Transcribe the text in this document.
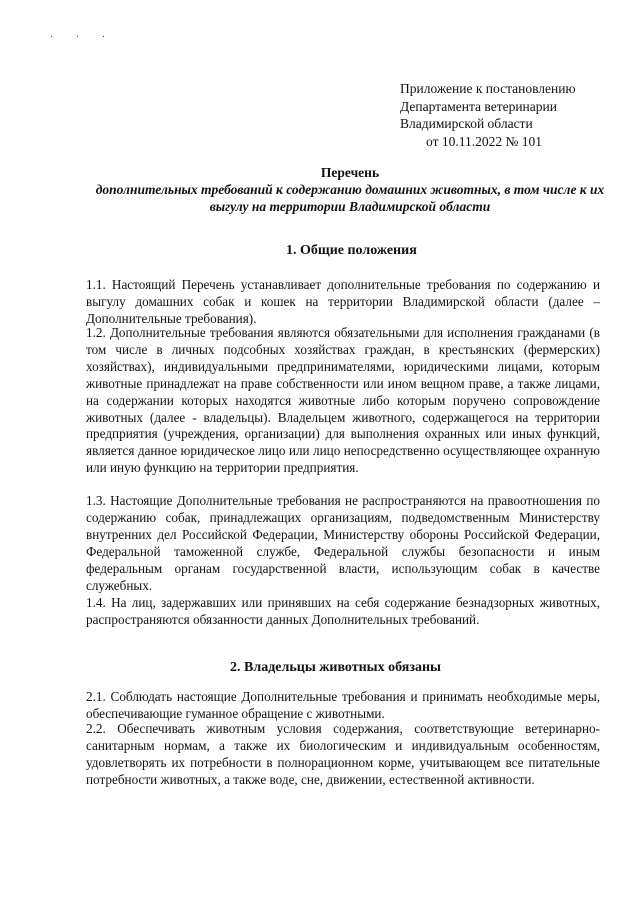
· · ·
Приложение к постановлению
Департамента ветеринарии
Владимирской области
от 10.11.2022 № 101
Перечень
дополнительных требований к содержанию домашних животных, в том числе к их выгулу на территории Владимирской области
1. Общие положения

1.1. Настоящий Перечень устанавливает дополнительные требования по содержанию и выгулу домашних собак и кошек на территории Владимирской области (далее – Дополнительные требования).

1.2. Дополнительные требования являются обязательными для исполнения гражданами (в том числе в личных подсобных хозяйствах граждан, в крестьянских (фермерских) хозяйствах), индивидуальными предпринимателями, юридическими лицами, которым животные принадлежат на праве собственности или ином вещном праве, а также лицами, на содержании которых находятся животные либо которым поручено сопровождение животных (далее - владельцы). Владельцем животного, содержащегося на территории предприятия (учреждения, организации) для выполнения охранных или иных функций, является данное юридическое лицо или лицо непосредственно осуществляющее охранную или иную функцию на территории предприятия.

1.3. Настоящие Дополнительные требования не распространяются на правоотношения по содержанию собак, принадлежащих организациям, подведомственным Министерству внутренних дел Российской Федерации, Министерству обороны Российской Федерации, Федеральной таможенной службе, Федеральной службы безопасности и иным федеральным органам государственной власти, использующим собак в качестве служебных.

1.4. На лиц, задержавших или принявших на себя содержание безнадзорных животных, распространяются обязанности данных Дополнительных требований.

2. Владельцы животных обязаны

2.1. Соблюдать настоящие Дополнительные требования и принимать необходимые меры, обеспечивающие гуманное обращение с животными.

2.2. Обеспечивать животным условия содержания, соответствующие ветеринарно-санитарным нормам, а также их биологическим и индивидуальным особенностям, удовлетворять их потребности в полнорационном корме, учитывающем все питательные потребности животных, а также воде, сне, движении, естественной активности.
